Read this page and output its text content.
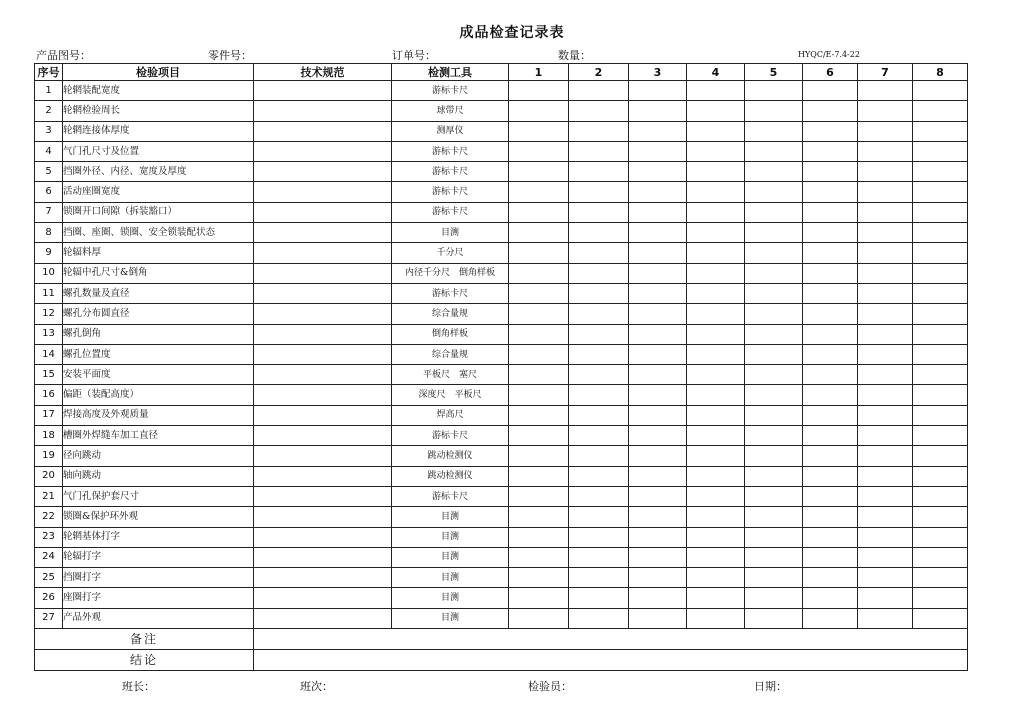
成品检查记录表
产品图号：	零件号：	订单号：	数量：	HYQC/E-7.4-22
序号	检验项目	技术规范	检测工具	1	2	3	4	5	6	7	8
1	轮辋装配宽度		游标卡尺								
2	轮辋检验周长		球带尺								
3	轮辋连接体厚度		测厚仪								
4	气门孔尺寸及位置		游标卡尺								
5	挡圈外径、内径、宽度及厚度		游标卡尺								
6	活动座圈宽度		游标卡尺								
7	锁圈开口间隙（拆装豁口）		游标卡尺								
8	挡圈、座圈、锁圈、安全锁装配状态		目测								
9	轮辐料厚		千分尺								
10	轮辐中孔尺寸&倒角		内径千分尺　倒角样板								
11	螺孔数量及直径		游标卡尺								
12	螺孔分布圆直径		综合量规								
13	螺孔倒角		倒角样板								
14	螺孔位置度		综合量规								
15	安装平面度		平板尺　塞尺								
16	偏距（装配高度）		深度尺　平板尺								
17	焊接高度及外观质量		焊高尺								
18	槽圈外焊缝车加工直径		游标卡尺								
19	径向跳动		跳动检测仪								
20	轴向跳动		跳动检测仪								
21	气门孔保护套尺寸		游标卡尺								
22	锁圈&保护环外观		目测								
23	轮辋基体打字		目测								
24	轮辐打字		目测								
25	挡圈打字		目测								
26	座圈打字		目测								
27	产品外观		目测								
备注											
结论											
班长：	班次：	检验员：	日期：
